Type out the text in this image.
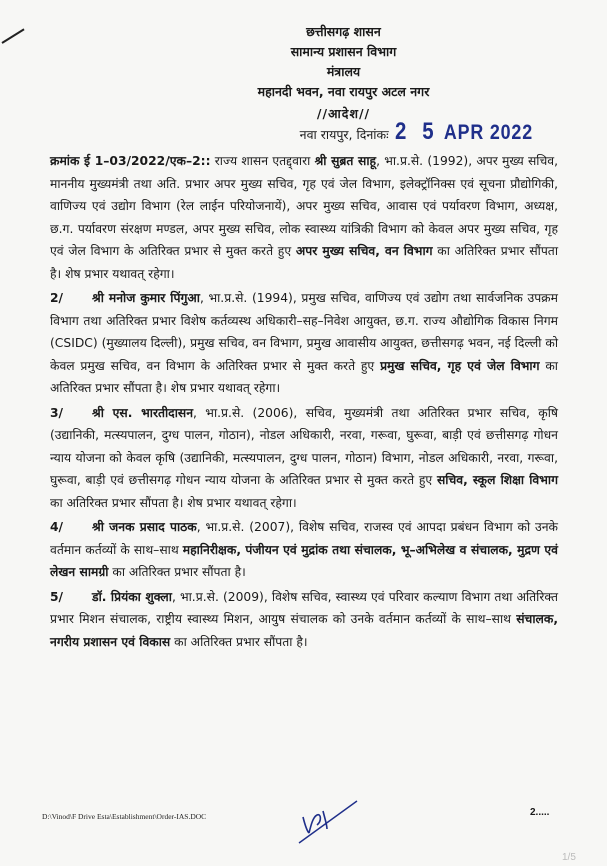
छत्तीसगढ़ शासन
सामान्य प्रशासन विभाग
मंत्रालय
महानदी भवन, नवा रायपुर अटल नगर
//आदेश//
नवा रायपुर, दिनांकः 2 5 APR 2022

क्रमांक ई 1–03/2022/एक–2:: राज्य शासन एतद्द्वारा श्री सुब्रत साहू, भा.प्र.से. (1992), अपर मुख्य सचिव, माननीय मुख्यमंत्री तथा अति. प्रभार अपर मुख्य सचिव, गृह एवं जेल विभाग, इलेक्ट्रॉनिक्स एवं सूचना प्रौद्योगिकी, वाणिज्य एवं उद्योग विभाग (रेल लाईन परियोजनायें), अपर मुख्य सचिव, आवास एवं पर्यावरण विभाग, अध्यक्ष, छ.ग. पर्यावरण संरक्षण मण्डल, अपर मुख्य सचिव, लोक स्वास्थ्य यांत्रिकी विभाग को केवल अपर मुख्य सचिव, गृह एवं जेल विभाग के अतिरिक्त प्रभार से मुक्त करते हुए अपर मुख्य सचिव, वन विभाग का अतिरिक्त प्रभार सौंपता है। शेष प्रभार यथावत् रहेगा।

2/ श्री मनोज कुमार पिंगुआ, भा.प्र.से. (1994), प्रमुख सचिव, वाणिज्य एवं उद्योग तथा सार्वजनिक उपक्रम विभाग तथा अतिरिक्त प्रभार विशेष कर्तव्यस्थ अधिकारी–सह–निवेश आयुक्त, छ.ग. राज्य औद्योगिक विकास निगम (CSIDC) (मुख्यालय दिल्ली), प्रमुख सचिव, वन विभाग, प्रमुख आवासीय आयुक्त, छत्तीसगढ़ भवन, नई दिल्ली को केवल प्रमुख सचिव, वन विभाग के अतिरिक्त प्रभार से मुक्त करते हुए प्रमुख सचिव, गृह एवं जेल विभाग का अतिरिक्त प्रभार सौंपता है। शेष प्रभार यथावत् रहेगा।

3/ श्री एस. भारतीदासन, भा.प्र.से. (2006), सचिव, मुख्यमंत्री तथा अतिरिक्त प्रभार सचिव, कृषि (उद्यानिकी, मत्स्यपालन, दुग्ध पालन, गोठान), नोडल अधिकारी, नरवा, गरूवा, घुरूवा, बाड़ी एवं छत्तीसगढ़ गोधन न्याय योजना को केवल कृषि (उद्यानिकी, मत्स्यपालन, दुग्ध पालन, गोठान) विभाग, नोडल अधिकारी, नरवा, गरूवा, घुरूवा, बाड़ी एवं छत्तीसगढ़ गोधन न्याय योजना के अतिरिक्त प्रभार से मुक्त करते हुए सचिव, स्कूल शिक्षा विभाग का अतिरिक्त प्रभार सौंपता है। शेष प्रभार यथावत् रहेगा।

4/ श्री जनक प्रसाद पाठक, भा.प्र.से. (2007), विशेष सचिव, राजस्व एवं आपदा प्रबंधन विभाग को उनके वर्तमान कर्तव्यों के साथ–साथ महानिरीक्षक, पंजीयन एवं मुद्रांक तथा संचालक, भू–अभिलेख व संचालक, मुद्रण एवं लेखन सामग्री का अतिरिक्त प्रभार सौंपता है।

5/ डॉ. प्रियंका शुक्ला, भा.प्र.से. (2009), विशेष सचिव, स्वास्थ्य एवं परिवार कल्याण विभाग तथा अतिरिक्त प्रभार मिशन संचालक, राष्ट्रीय स्वास्थ्य मिशन, आयुष संचालक को उनके वर्तमान कर्तव्यों के साथ–साथ संचालक, नगरीय प्रशासन एवं विकास का अतिरिक्त प्रभार सौंपता है।

D:\Vinod\F Drive Esta\Establishment\Order-IAS.DOC	2.....
1/5
